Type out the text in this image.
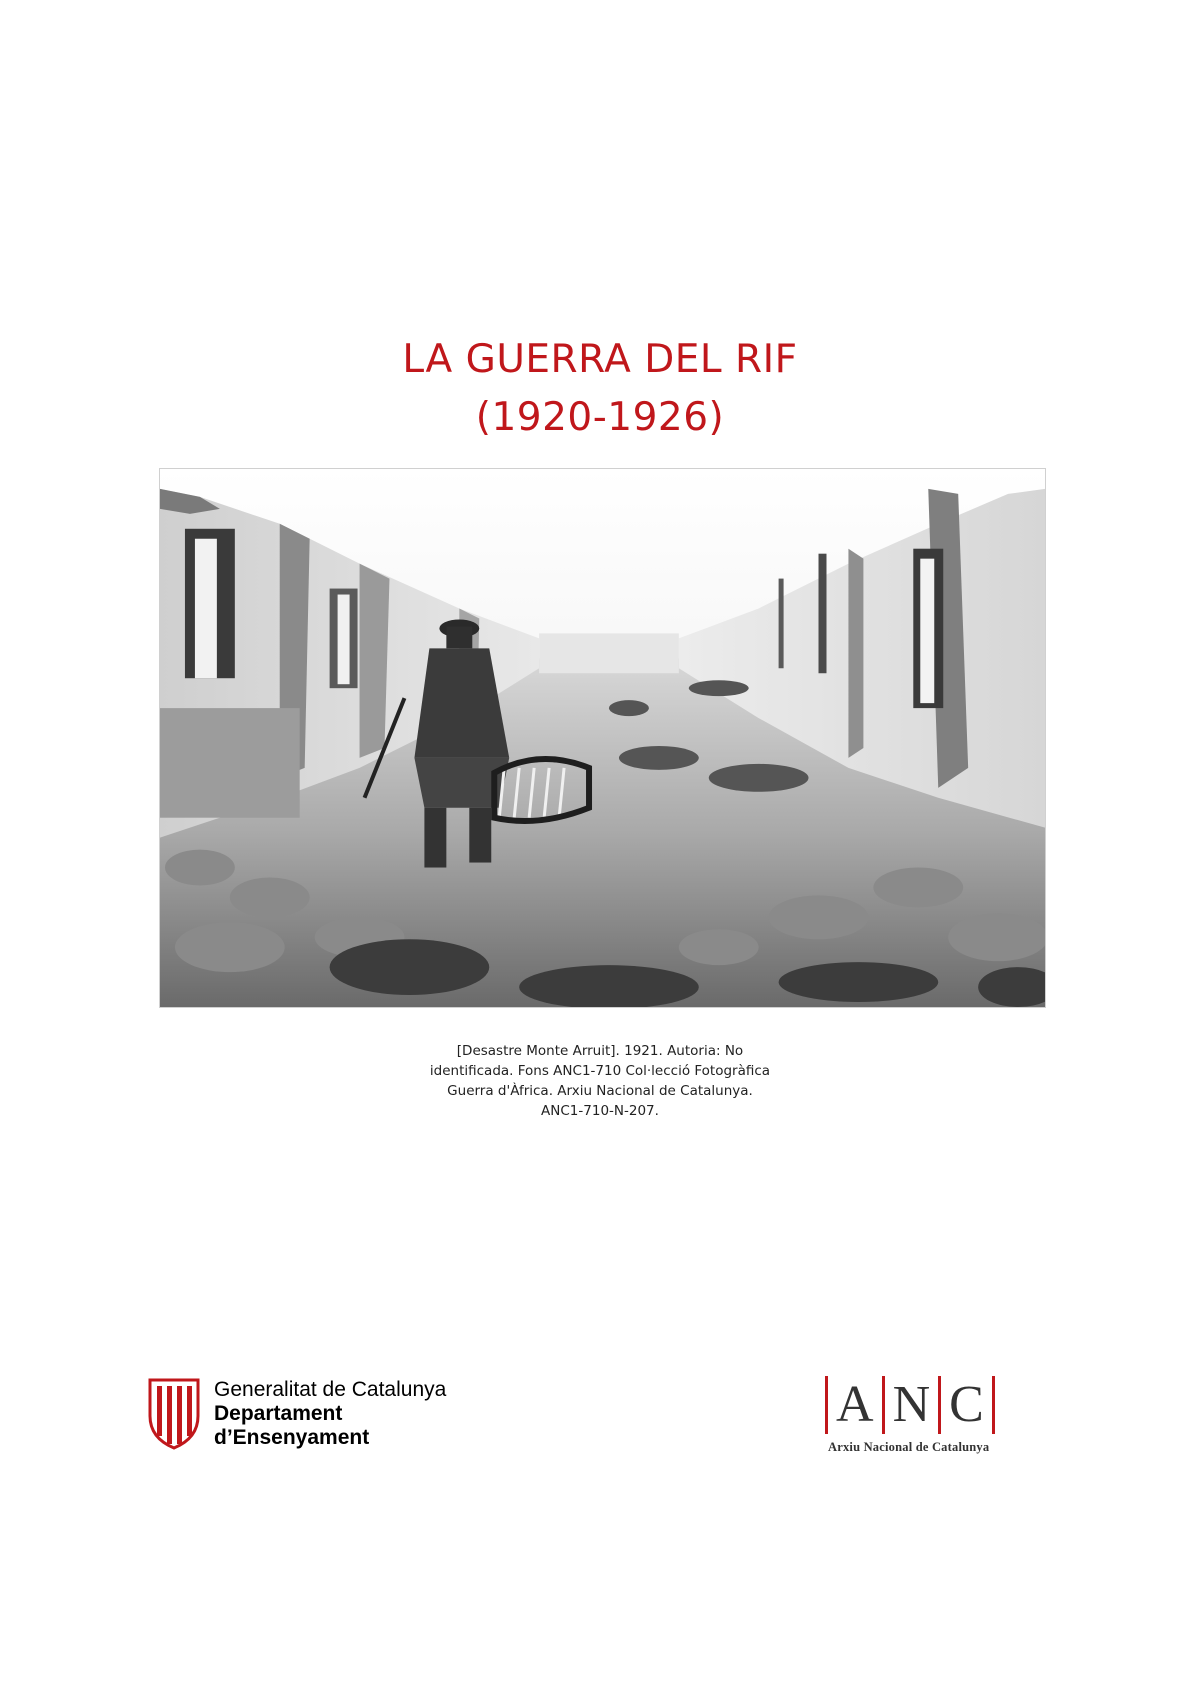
LA GUERRA DEL RIF
(1920-1926)
[Desastre Monte Arruit]. 1921. Autoria: No
identificada. Fons ANC1-710 Col·lecció Fotogràfica
Guerra d'Àfrica. Arxiu Nacional de Catalunya.
ANC1-710-N-207.
Generalitat de Catalunya
Departament
d’Ensenyament
A N C
Arxiu Nacional de Catalunya
